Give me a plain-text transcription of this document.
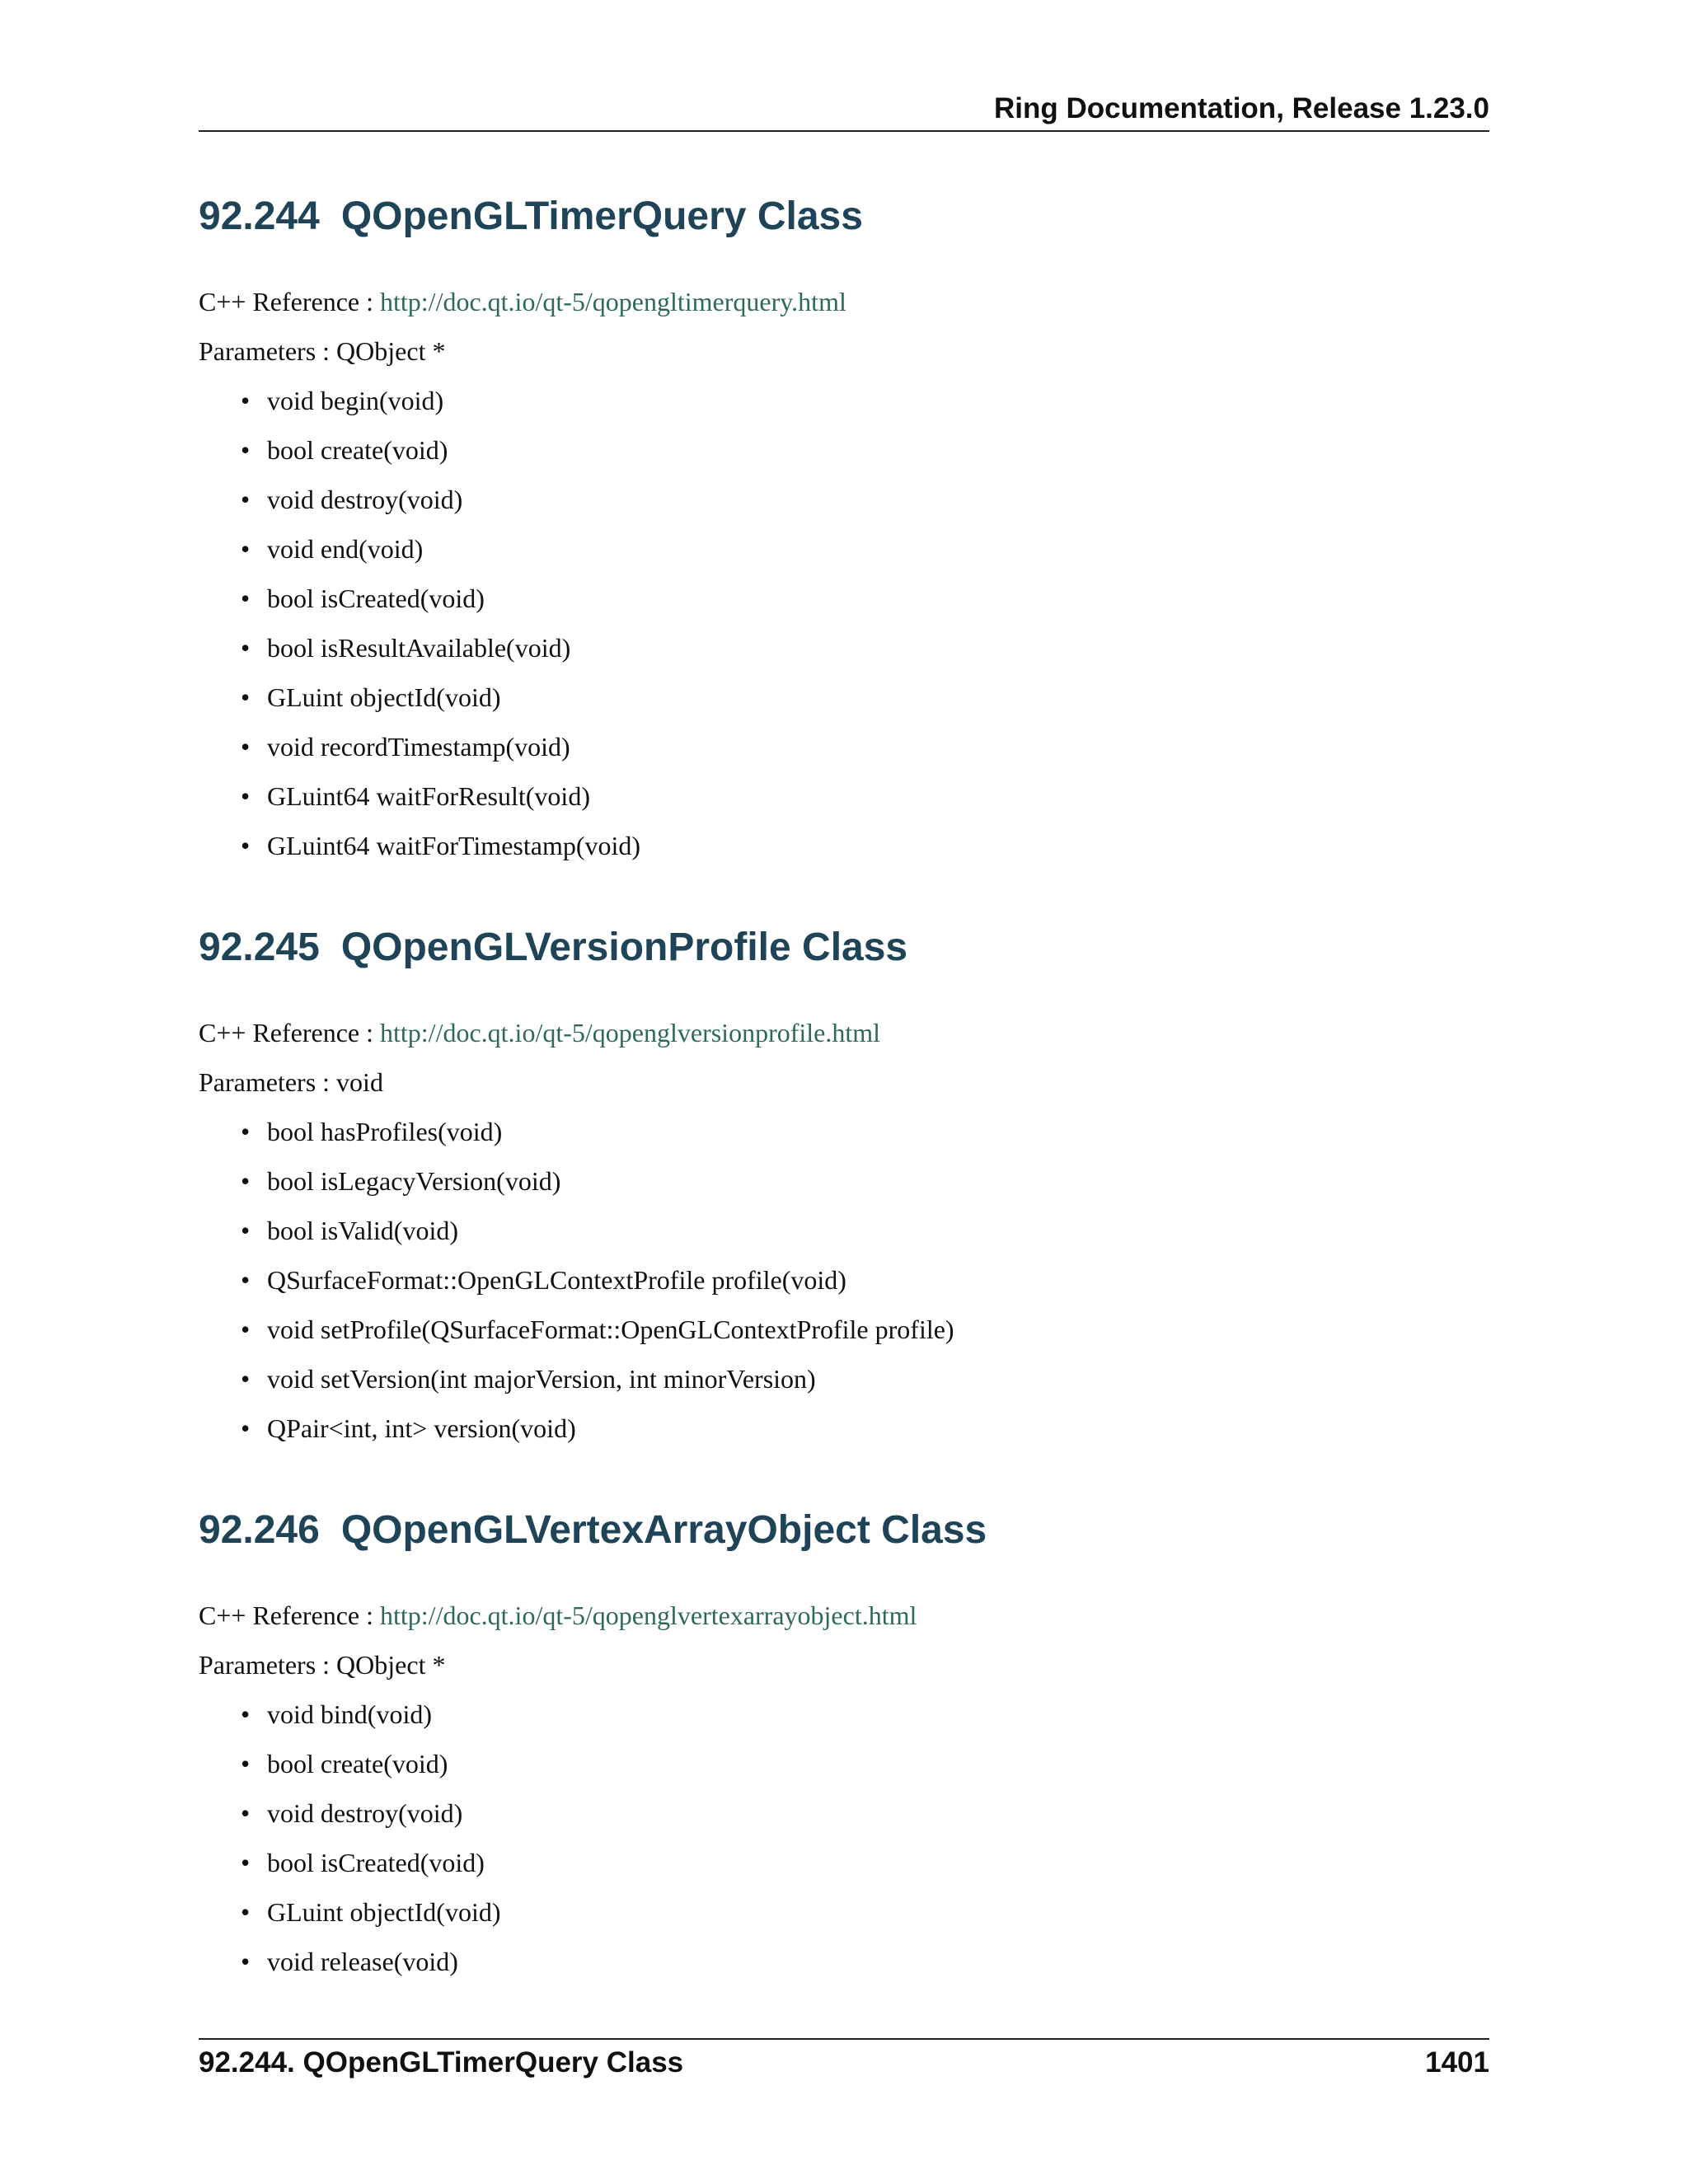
Ring Documentation, Release 1.23.0
92.244 QOpenGLTimerQuery Class
C++ Reference : http://doc.qt.io/qt-5/qopengltimerquery.html
Parameters : QObject *
• void begin(void)
• bool create(void)
• void destroy(void)
• void end(void)
• bool isCreated(void)
• bool isResultAvailable(void)
• GLuint objectId(void)
• void recordTimestamp(void)
• GLuint64 waitForResult(void)
• GLuint64 waitForTimestamp(void)
92.245 QOpenGLVersionProfile Class
C++ Reference : http://doc.qt.io/qt-5/qopenglversionprofile.html
Parameters : void
• bool hasProfiles(void)
• bool isLegacyVersion(void)
• bool isValid(void)
• QSurfaceFormat::OpenGLContextProfile profile(void)
• void setProfile(QSurfaceFormat::OpenGLContextProfile profile)
• void setVersion(int majorVersion, int minorVersion)
• QPair<int, int> version(void)
92.246 QOpenGLVertexArrayObject Class
C++ Reference : http://doc.qt.io/qt-5/qopenglvertexarrayobject.html
Parameters : QObject *
• void bind(void)
• bool create(void)
• void destroy(void)
• bool isCreated(void)
• GLuint objectId(void)
• void release(void)
92.244. QOpenGLTimerQuery Class	1401
